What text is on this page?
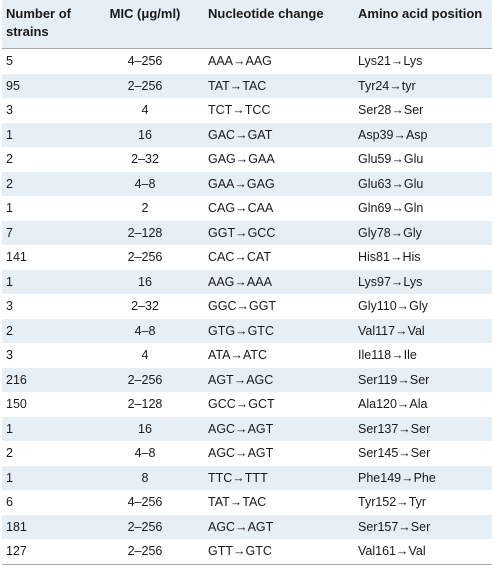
Number of strains	MIC (μg/ml)	Nucleotide change	Amino acid position
5	4–256	AAA→AAG	Lys21→Lys
95	2–256	TAT→TAC	Tyr24→tyr
3	4	TCT→TCC	Ser28→Ser
1	16	GAC→GAT	Asp39→Asp
2	2–32	GAG→GAA	Glu59→Glu
2	4–8	GAA→GAG	Glu63→Glu
1	2	CAG→CAA	Gln69→Gln
7	2–128	GGT→GCC	Gly78→Gly
141	2–256	CAC→CAT	His81→His
1	16	AAG→AAA	Lys97→Lys
3	2–32	GGC→GGT	Gly110→Gly
2	4–8	GTG→GTC	Val117→Val
3	4	ATA→ATC	Ile118→Ile
216	2–256	AGT→AGC	Ser119→Ser
150	2–128	GCC→GCT	Ala120→Ala
1	16	AGC→AGT	Ser137→Ser
2	4–8	AGC→AGT	Ser145→Ser
1	8	TTC→TTT	Phe149→Phe
6	4–256	TAT→TAC	Tyr152→Tyr
181	2–256	AGC→AGT	Ser157→Ser
127	2–256	GTT→GTC	Val161→Val
